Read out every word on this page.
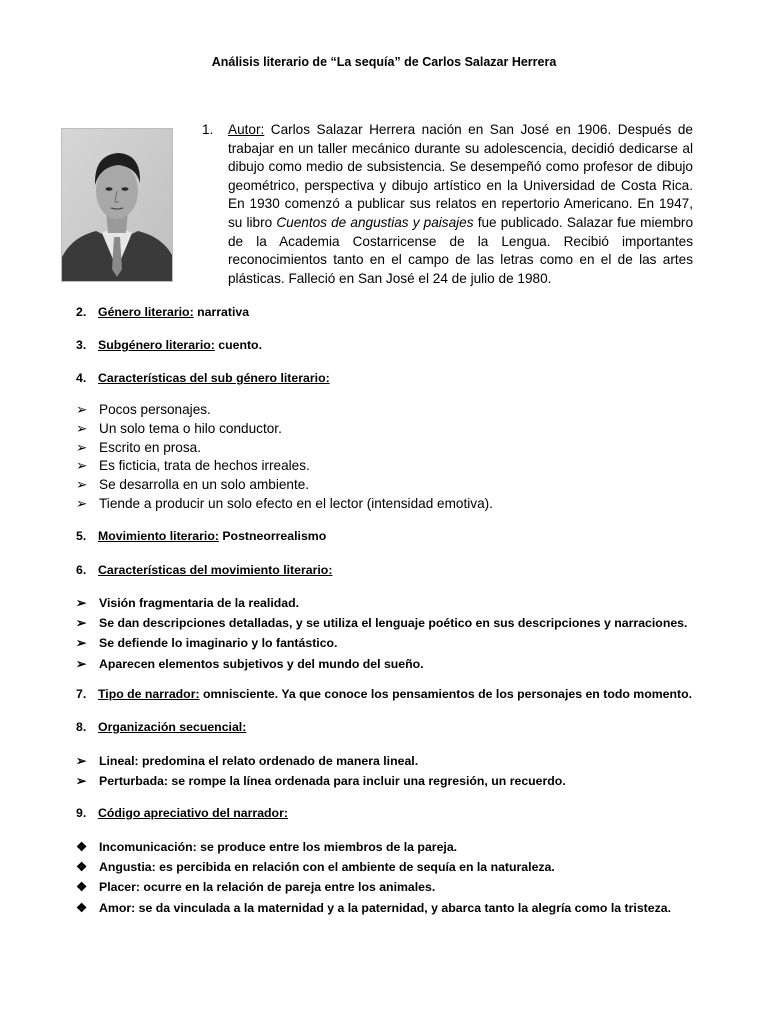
Análisis literario de “La sequía” de Carlos Salazar Herrera
1. Autor: Carlos Salazar Herrera nación en San José en 1906. Después de trabajar en un taller mecánico durante su adolescencia, decidió dedicarse al dibujo como medio de subsistencia. Se desempeñó como profesor de dibujo geométrico, perspectiva y dibujo artístico en la Universidad de Costa Rica. En 1930 comenzó a publicar sus relatos en repertorio Americano. En 1947, su libro Cuentos de angustias y paisajes fue publicado. Salazar fue miembro de la Academia Costarricense de la Lengua. Recibió importantes reconocimientos tanto en el campo de las letras como en el de las artes plásticas. Falleció en San José el 24 de julio de 1980.
2. Género literario: narrativa
3. Subgénero literario: cuento.
4. Características del sub género literario:
➢ Pocos personajes.
➢ Un solo tema o hilo conductor.
➢ Escrito en prosa.
➢ Es ficticia, trata de hechos irreales.
➢ Se desarrolla en un solo ambiente.
➢ Tiende a producir un solo efecto en el lector (intensidad emotiva).
5. Movimiento literario: Postneorrealismo
6. Características del movimiento literario:
➢ Visión fragmentaria de la realidad.
➢ Se dan descripciones detalladas, y se utiliza el lenguaje poético en sus descripciones y narraciones.
➢ Se defiende lo imaginario y lo fantástico.
➢ Aparecen elementos subjetivos y del mundo del sueño.
7. Tipo de narrador: omnisciente. Ya que conoce los pensamientos de los personajes en todo momento.
8. Organización secuencial:
➢ Lineal: predomina el relato ordenado de manera lineal.
➢ Perturbada: se rompe la línea ordenada para incluir una regresión, un recuerdo.
9. Código apreciativo del narrador:
❖ Incomunicación: se produce entre los miembros de la pareja.
❖ Angustia: es percibida en relación con el ambiente de sequía en la naturaleza.
❖ Placer: ocurre en la relación de pareja entre los animales.
❖ Amor: se da vinculada a la maternidad y a la paternidad, y abarca tanto la alegría como la tristeza.
